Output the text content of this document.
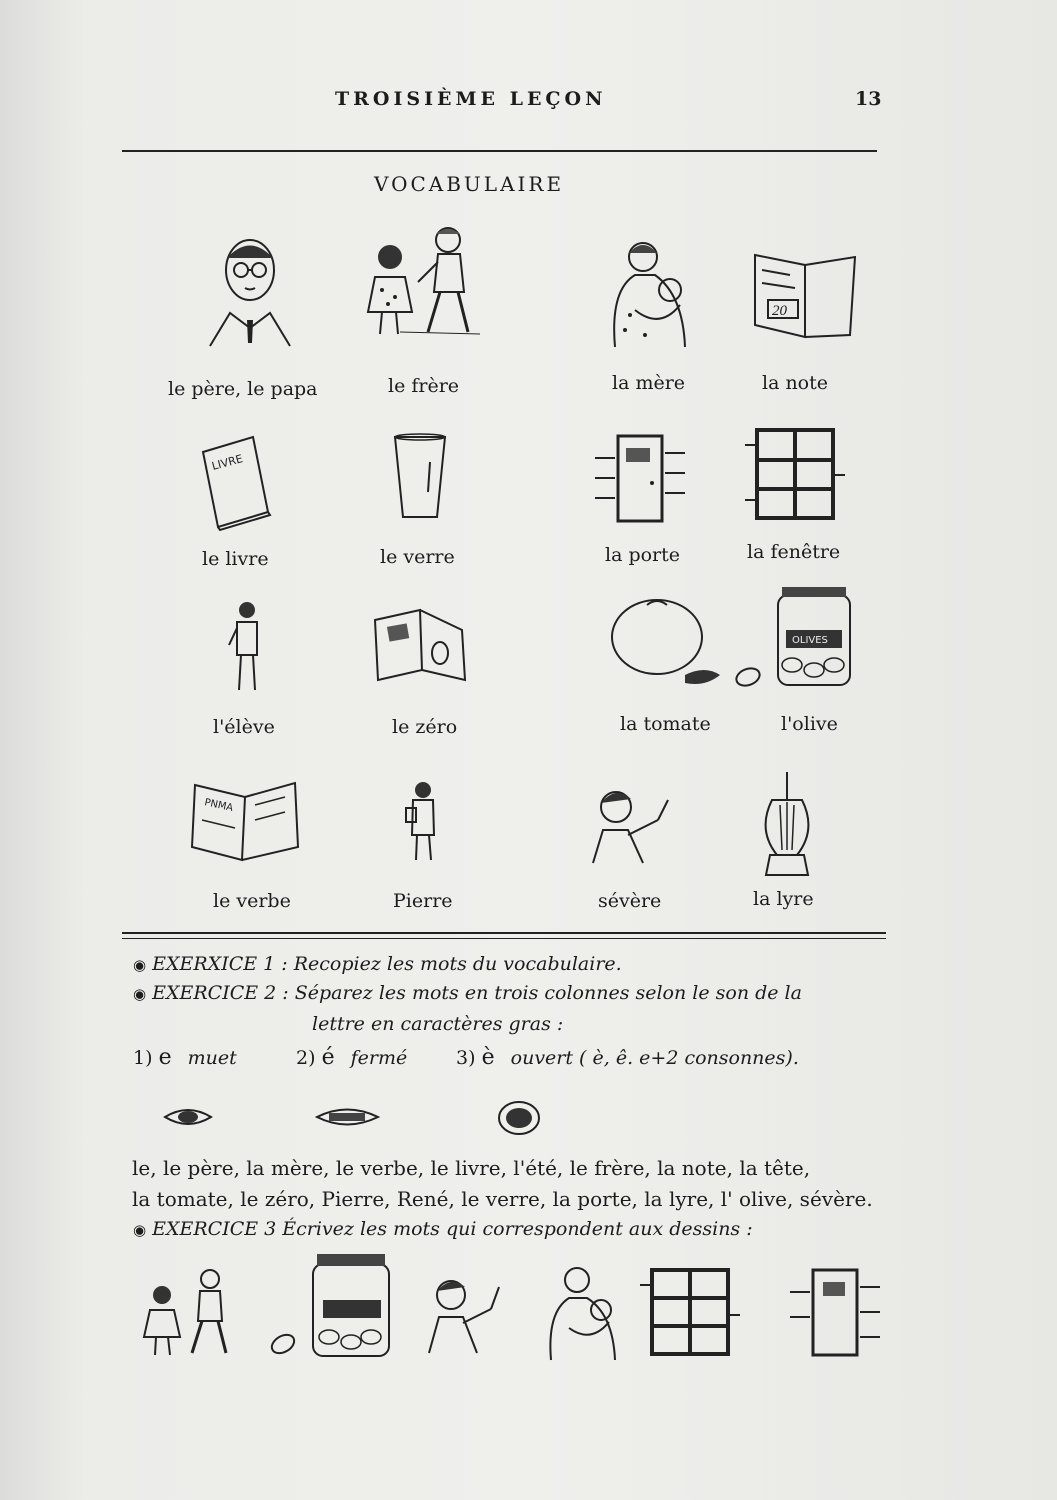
TROISIÈME LEÇON	13
VOCABULAIRE
20
le père, le papa	le frère	la mère	la note
LIVRE
le livre	le verre	la porte	la fenêtre
OLIVES
l'élève	le zéro	la tomate	l'olive
PNMA
le verbe	Pierre	sévère	la lyre
◉ EXERXICE 1 : Recopiez les mots du vocabulaire.
◉ EXERCICE 2 : Séparez les mots en trois colonnes selon le son de la
lettre en caractères gras :
1) e muet	2) é fermé	3) è ouvert ( è, ê. e+2 consonnes).
le, le père, la mère, le verbe, le livre, l'été, le frère, la note, la tête,
la tomate, le zéro, Pierre, René, le verre, la porte, la lyre, l' olive, sévère.
◉ EXERCICE 3 Écrivez les mots qui correspondent aux dessins :
